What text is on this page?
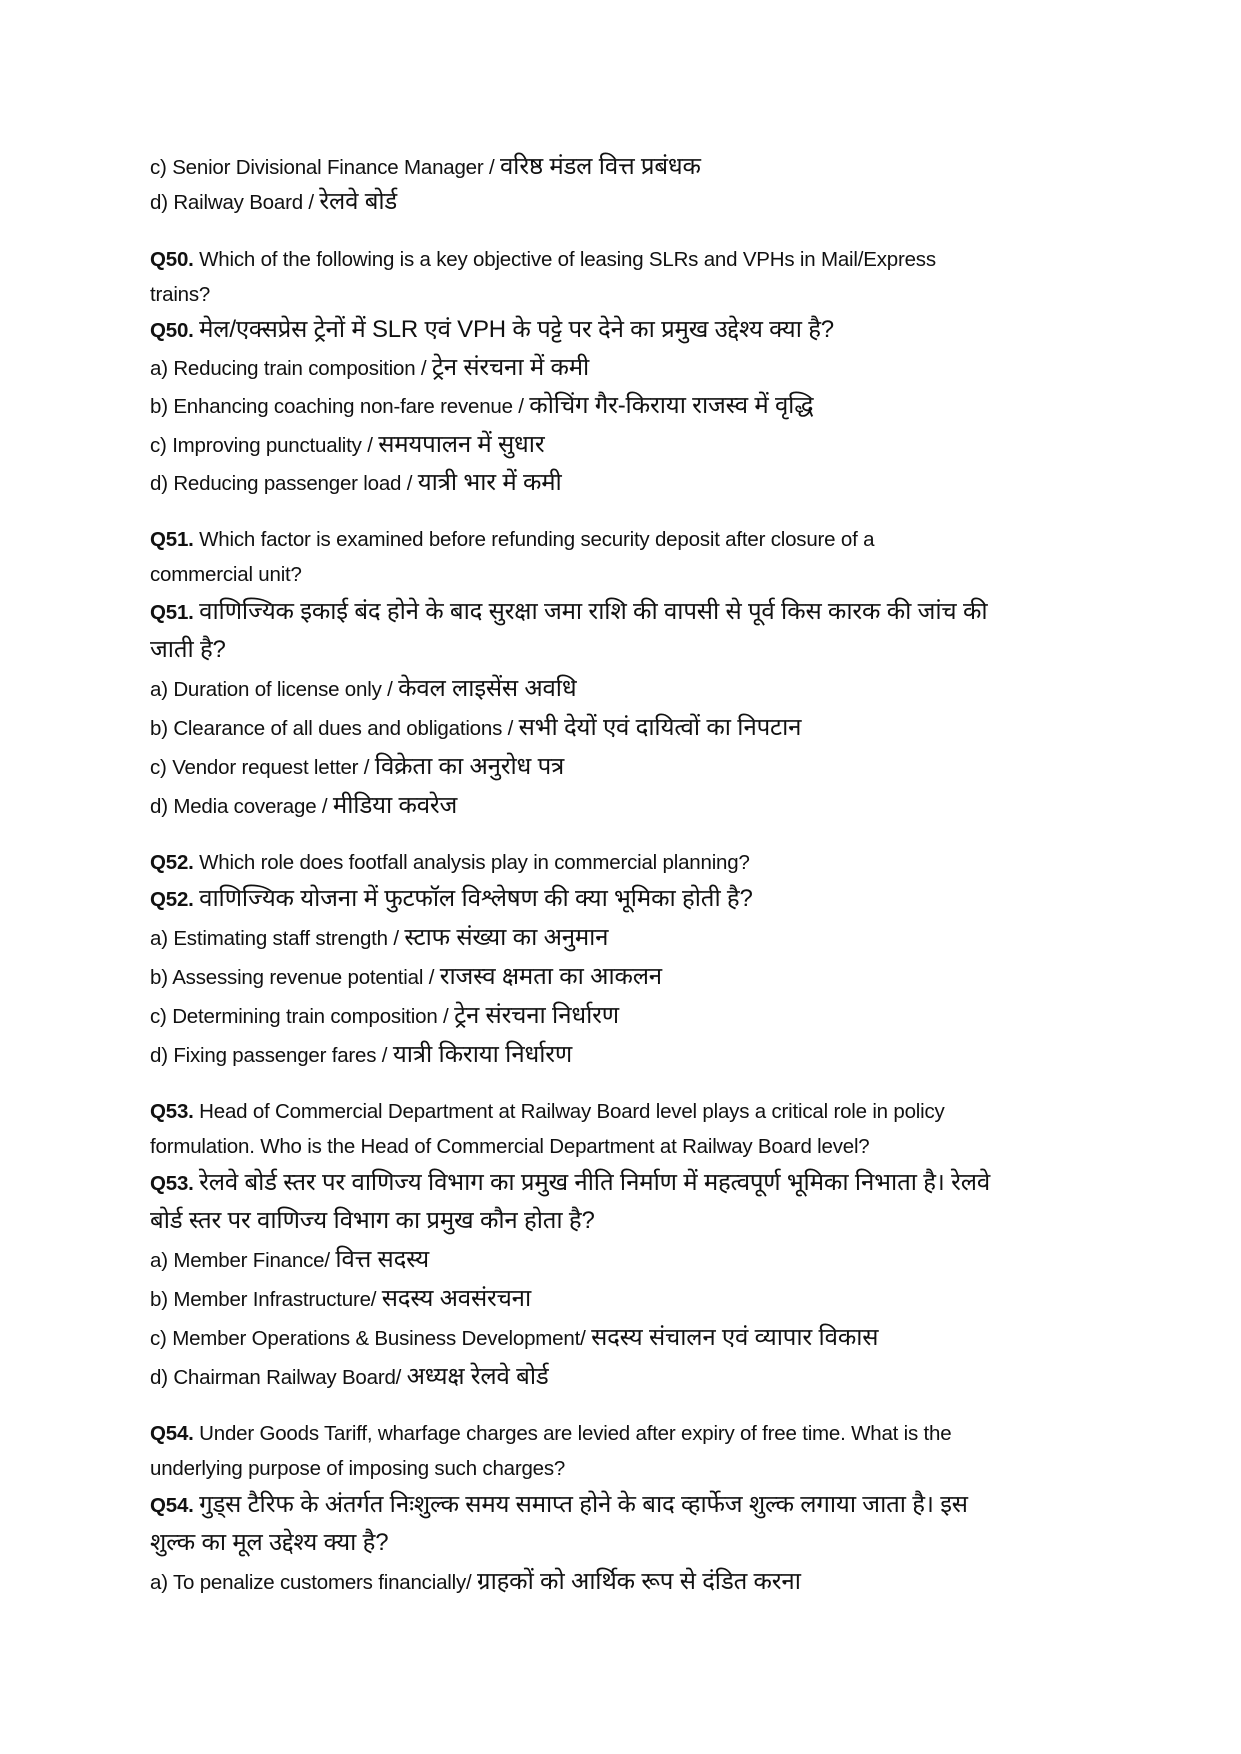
c) Senior Divisional Finance Manager / वरिष्ठ मंडल वित्त प्रबंधक
d) Railway Board / रेलवे बोर्ड
Q50. Which of the following is a key objective of leasing SLRs and VPHs in Mail/Express
trains?
Q50. मेल/एक्सप्रेस ट्रेनों में SLR एवं VPH के पट्टे पर देने का प्रमुख उद्देश्य क्या है?
a) Reducing train composition / ट्रेन संरचना में कमी
b) Enhancing coaching non-fare revenue / कोचिंग गैर-किराया राजस्व में वृद्धि
c) Improving punctuality / समयपालन में सुधार
d) Reducing passenger load / यात्री भार में कमी
Q51. Which factor is examined before refunding security deposit after closure of a
commercial unit?
Q51. वाणिज्यिक इकाई बंद होने के बाद सुरक्षा जमा राशि की वापसी से पूर्व किस कारक की जांच की
जाती है?
a) Duration of license only / केवल लाइसेंस अवधि
b) Clearance of all dues and obligations / सभी देयों एवं दायित्वों का निपटान
c) Vendor request letter / विक्रेता का अनुरोध पत्र
d) Media coverage / मीडिया कवरेज
Q52. Which role does footfall analysis play in commercial planning?
Q52. वाणिज्यिक योजना में फुटफॉल विश्लेषण की क्या भूमिका होती है?
a) Estimating staff strength / स्टाफ संख्या का अनुमान
b) Assessing revenue potential / राजस्व क्षमता का आकलन
c) Determining train composition / ट्रेन संरचना निर्धारण
d) Fixing passenger fares / यात्री किराया निर्धारण
Q53. Head of Commercial Department at Railway Board level plays a critical role in policy
formulation. Who is the Head of Commercial Department at Railway Board level?
Q53. रेलवे बोर्ड स्तर पर वाणिज्य विभाग का प्रमुख नीति निर्माण में महत्वपूर्ण भूमिका निभाता है। रेलवे
बोर्ड स्तर पर वाणिज्य विभाग का प्रमुख कौन होता है?
a) Member Finance/ वित्त सदस्य
b) Member Infrastructure/ सदस्य अवसंरचना
c) Member Operations & Business Development/ सदस्य संचालन एवं व्यापार विकास
d) Chairman Railway Board/ अध्यक्ष रेलवे बोर्ड
Q54. Under Goods Tariff, wharfage charges are levied after expiry of free time. What is the
underlying purpose of imposing such charges?
Q54. गुड्स टैरिफ के अंतर्गत निःशुल्क समय समाप्त होने के बाद व्हार्फेज शुल्क लगाया जाता है। इस
शुल्क का मूल उद्देश्य क्या है?
a) To penalize customers financially/ ग्राहकों को आर्थिक रूप से दंडित करना
